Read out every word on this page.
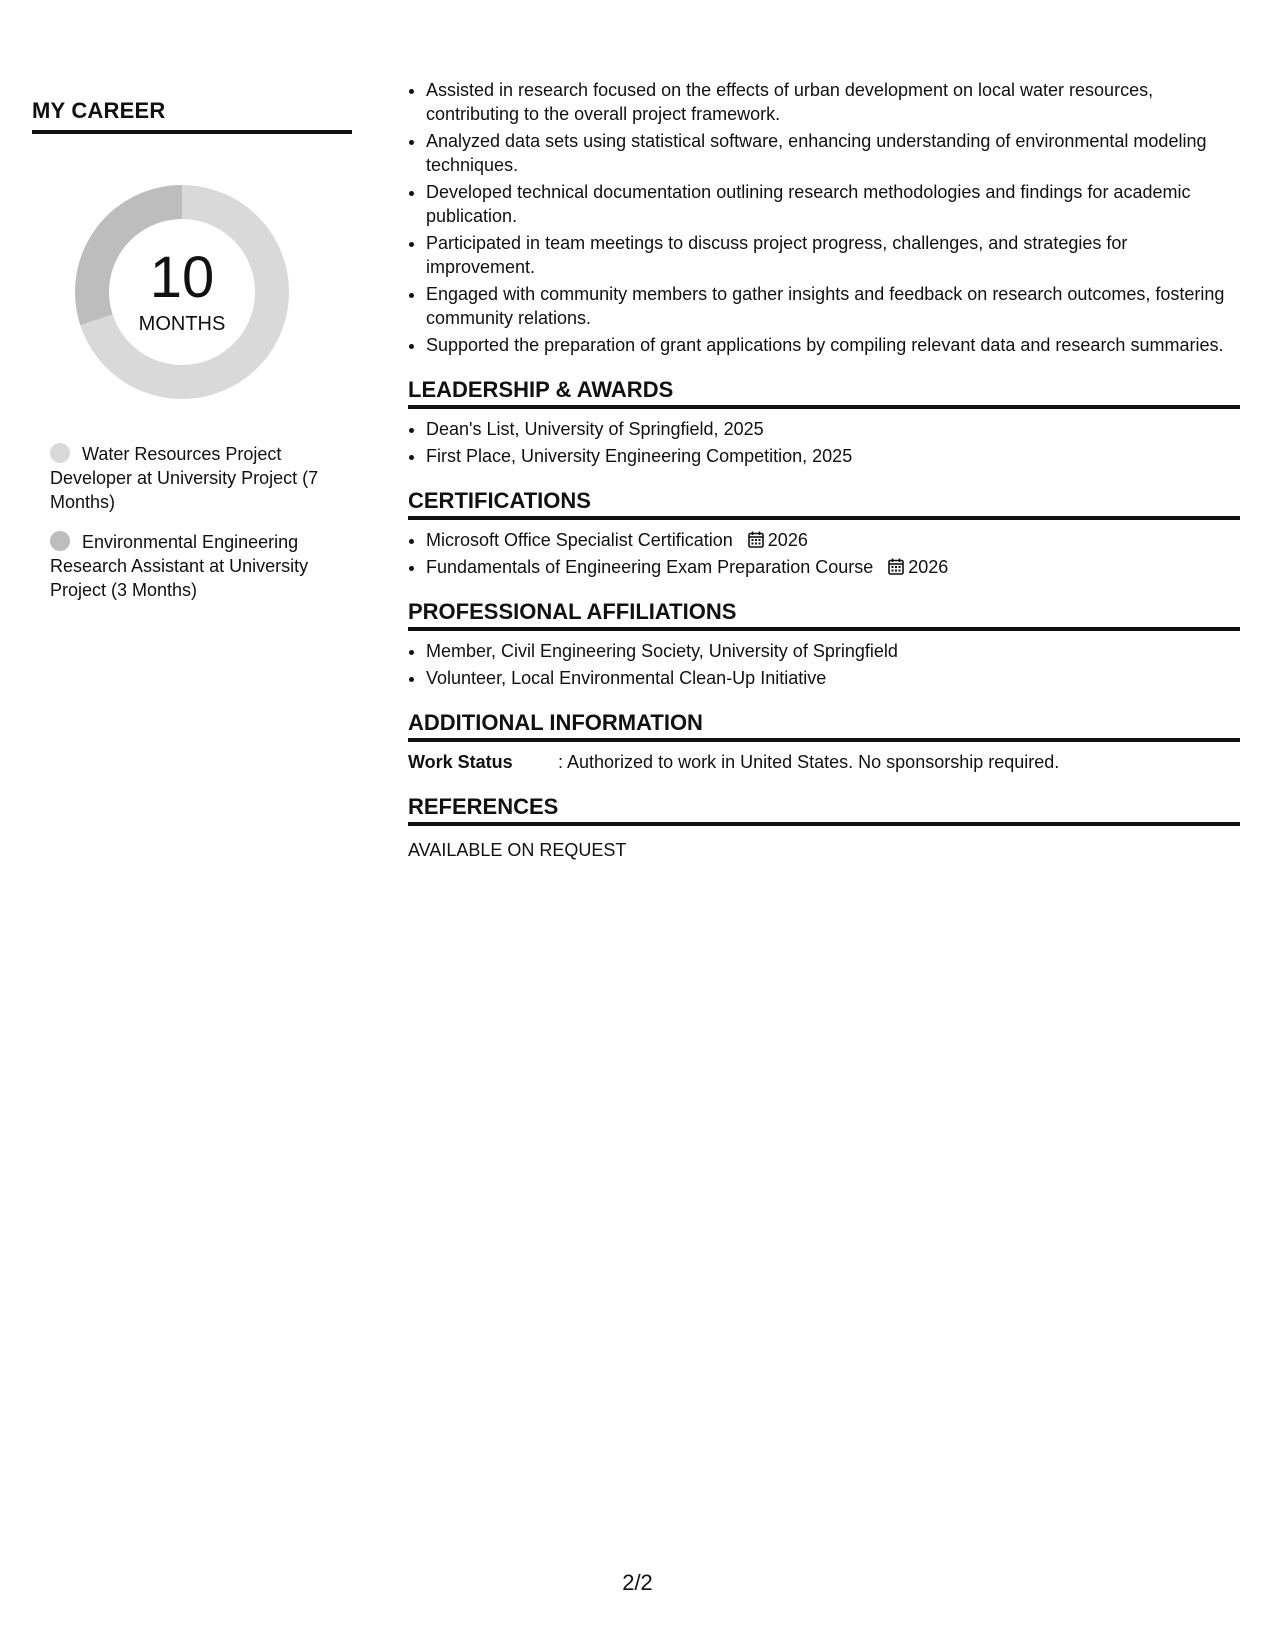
MY CAREER
10
MONTHS
Water Resources Project Developer at University Project (7 Months)
Environmental Engineering Research Assistant at University Project (3 Months)
• Assisted in research focused on the effects of urban development on local water resources, contributing to the overall project framework.
• Analyzed data sets using statistical software, enhancing understanding of environmental modeling techniques.
• Developed technical documentation outlining research methodologies and findings for academic publication.
• Participated in team meetings to discuss project progress, challenges, and strategies for improvement.
• Engaged with community members to gather insights and feedback on research outcomes, fostering community relations.
• Supported the preparation of grant applications by compiling relevant data and research summaries.
LEADERSHIP & AWARDS
• Dean's List, University of Springfield, 2025
• First Place, University Engineering Competition, 2025
CERTIFICATIONS
• Microsoft Office Specialist Certification 2026
• Fundamentals of Engineering Exam Preparation Course 2026
PROFESSIONAL AFFILIATIONS
• Member, Civil Engineering Society, University of Springfield
• Volunteer, Local Environmental Clean-Up Initiative
ADDITIONAL INFORMATION
Work Status	: Authorized to work in United States. No sponsorship required.
REFERENCES
AVAILABLE ON REQUEST
2/2
